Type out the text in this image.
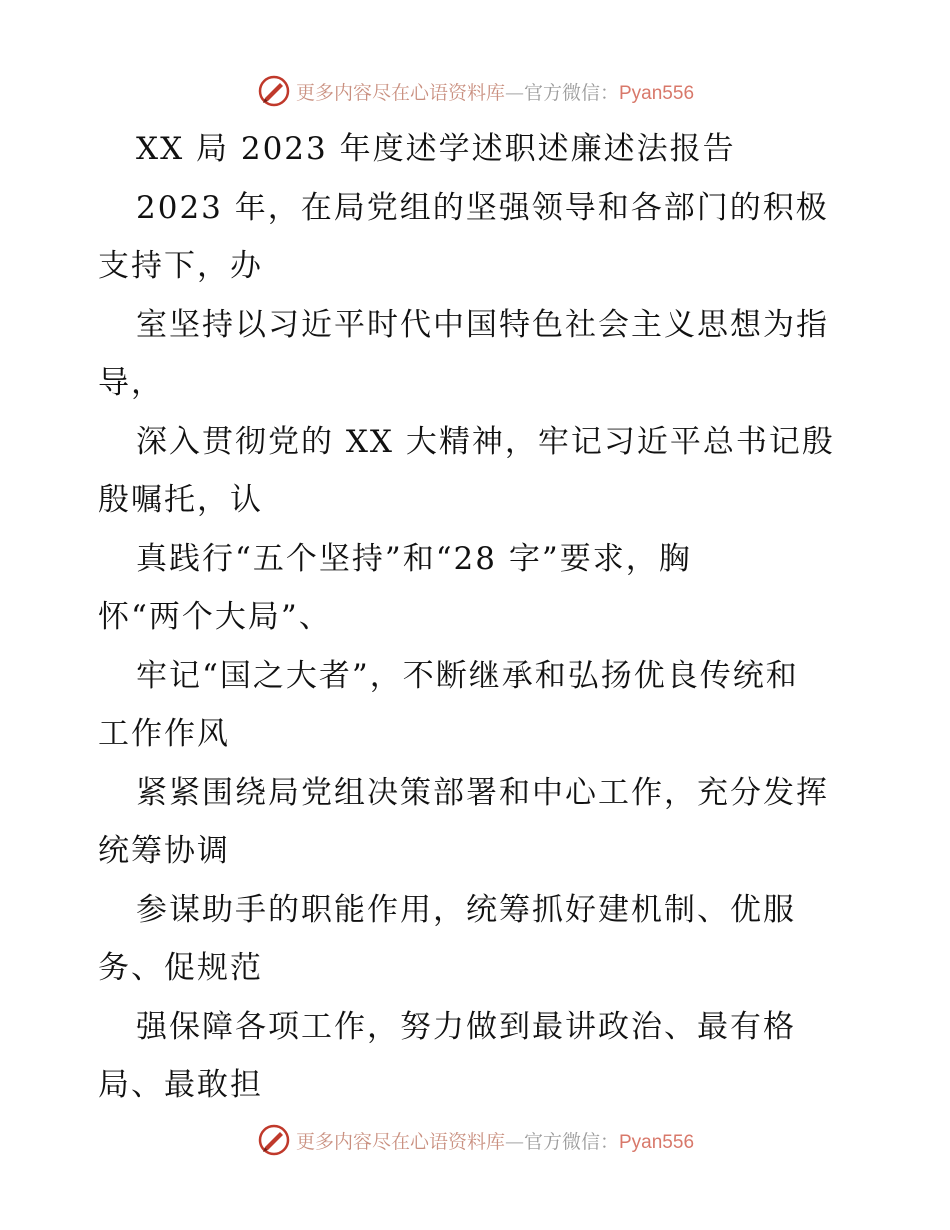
更多内容尽在心语资料库—官方微信：Pyan556
XX 局 2023 年度述学述职述廉述法报告
2023 年，在局党组的坚强领导和各部门的积极
支持下，办
室坚持以习近平时代中国特色社会主义思想为指
导，
深入贯彻党的 XX 大精神，牢记习近平总书记殷
殷嘱托，认
真践行“五个坚持”和“28 字”要求，胸
怀“两个大局”、
牢记“国之大者”，不断继承和弘扬优良传统和
工作作风
紧紧围绕局党组决策部署和中心工作，充分发挥
统筹协调
参谋助手的职能作用，统筹抓好建机制、优服
务、促规范
强保障各项工作，努力做到最讲政治、最有格
局、最敢担
更多内容尽在心语资料库—官方微信：Pyan556
